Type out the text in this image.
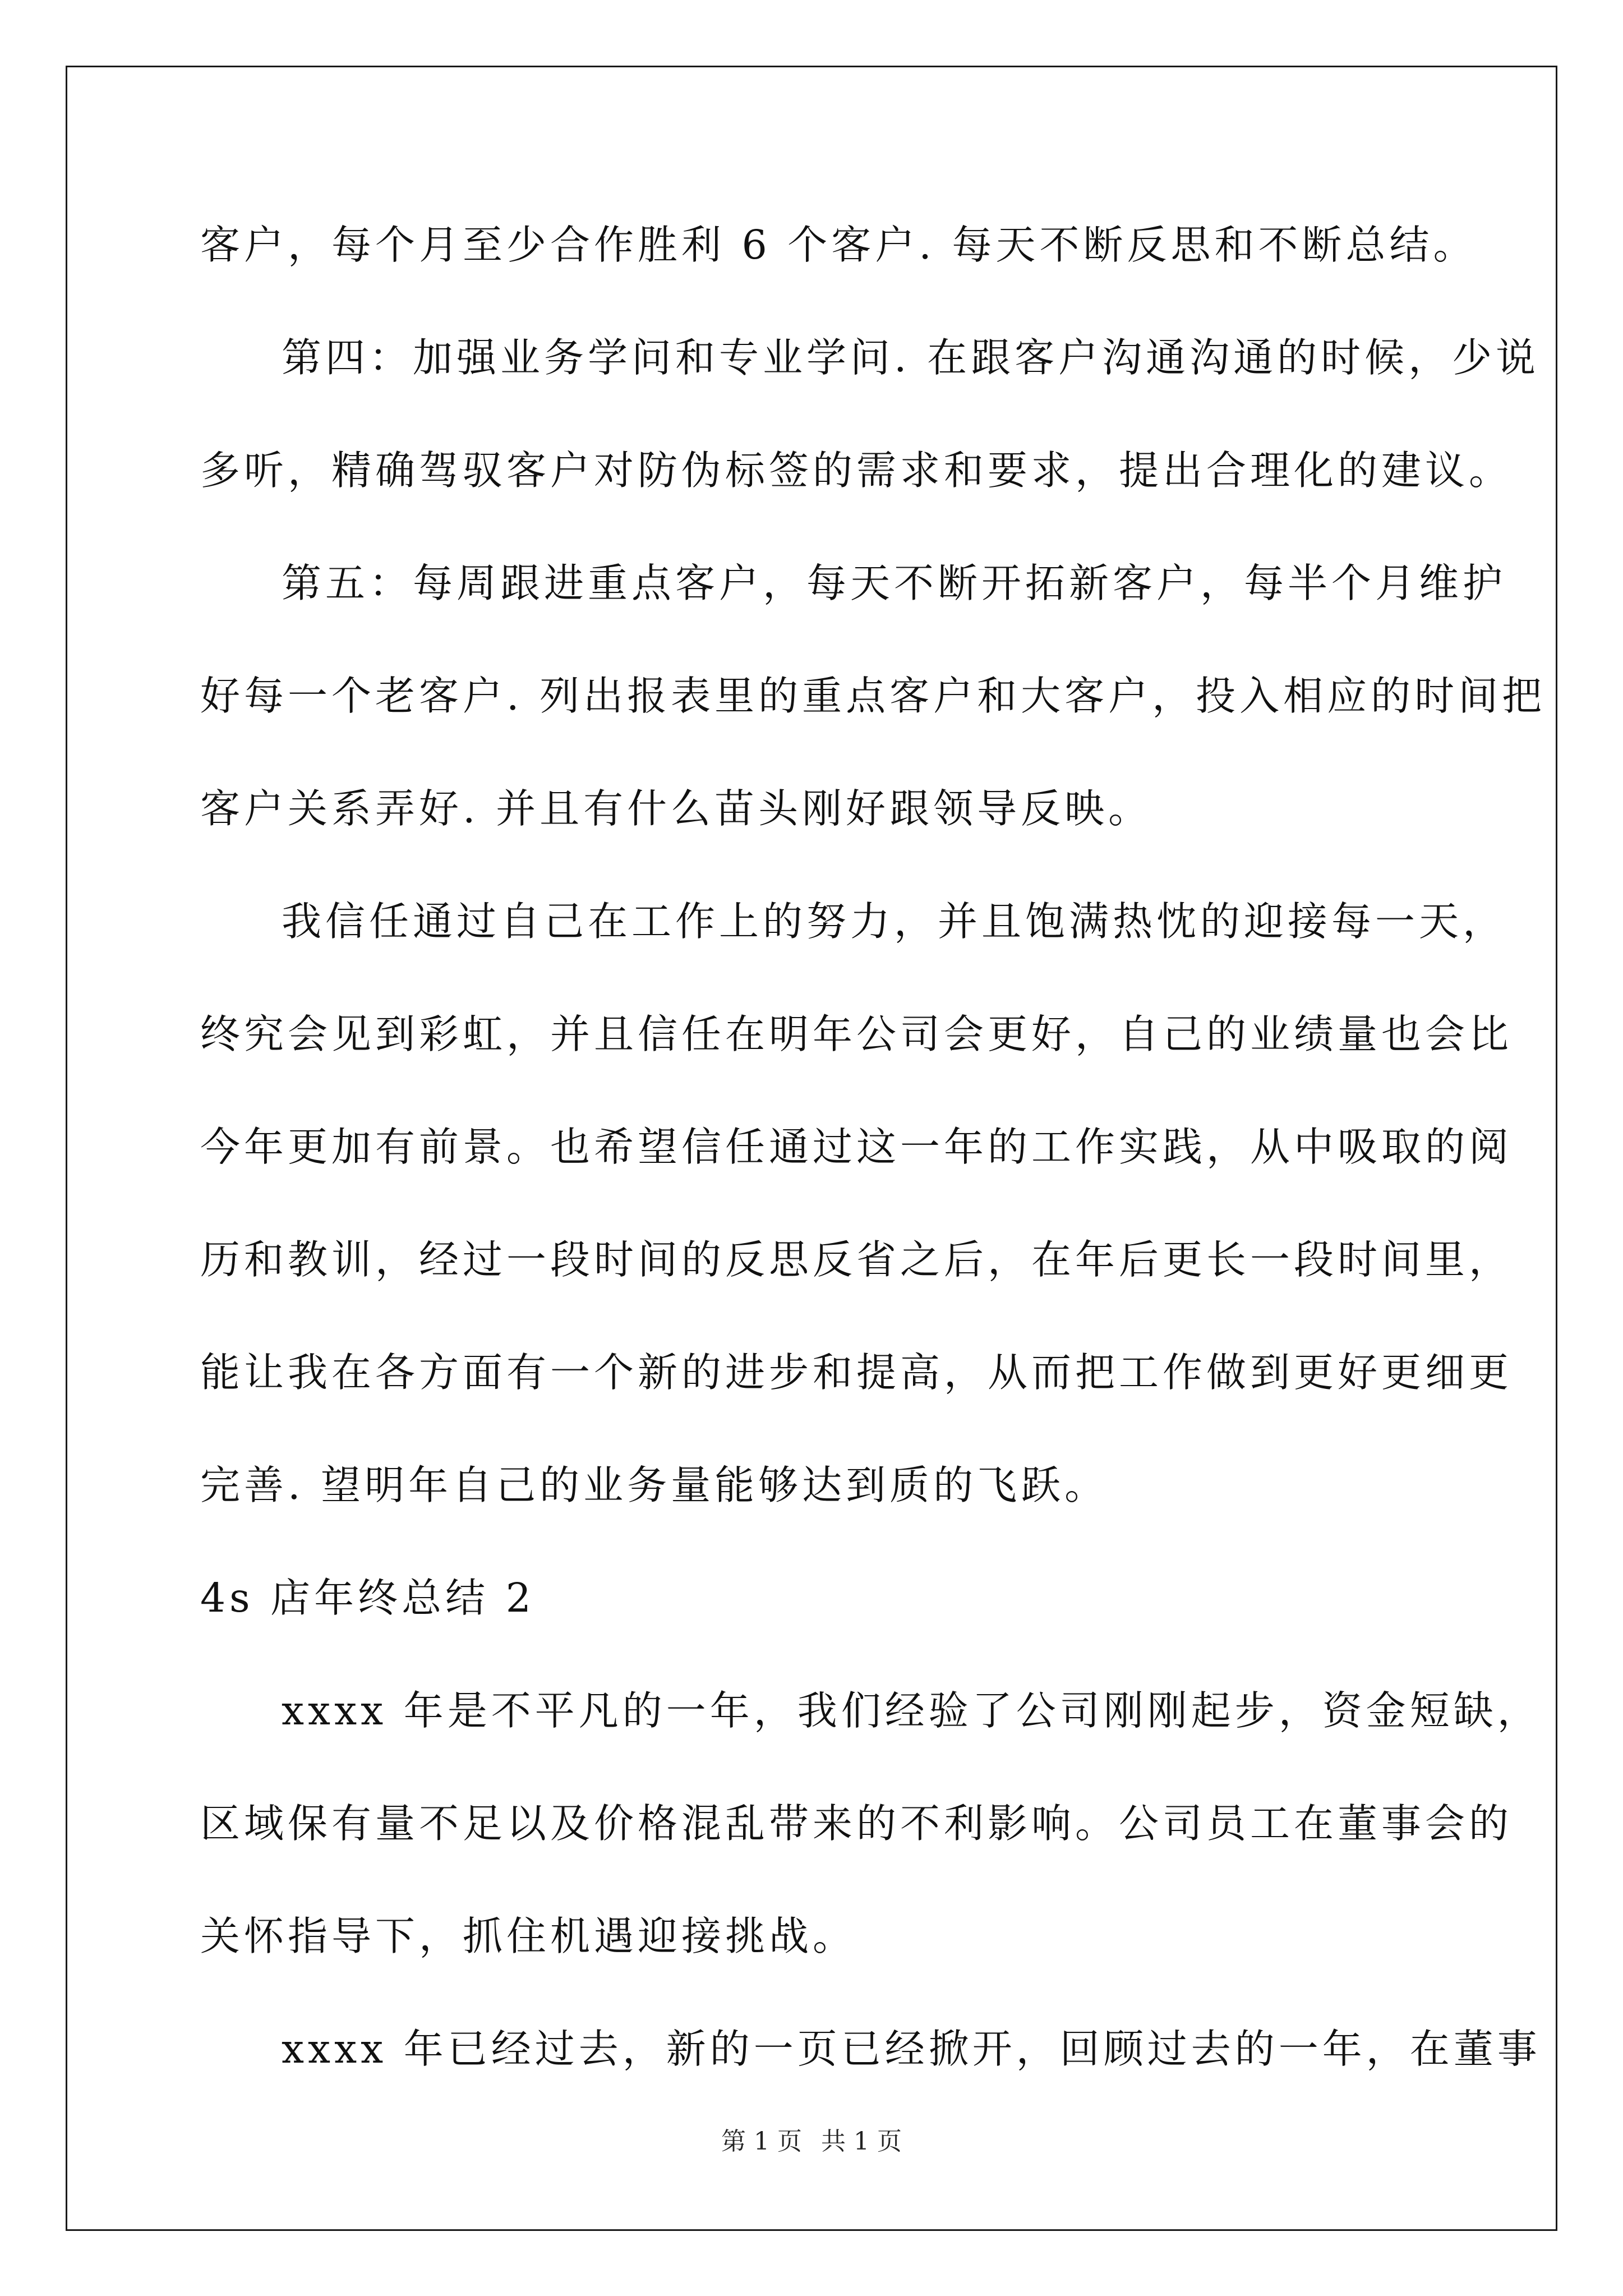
客户，每个月至少合作胜利 6 个客户. 每天不断反思和不断总结。
第四：加强业务学问和专业学问. 在跟客户沟通沟通的时候，少说
多听，精确驾驭客户对防伪标签的需求和要求，提出合理化的建议。
第五：每周跟进重点客户，每天不断开拓新客户，每半个月维护
好每一个老客户. 列出报表里的重点客户和大客户，投入相应的时间把
客户关系弄好. 并且有什么苗头刚好跟领导反映。
我信任通过自己在工作上的努力，并且饱满热忱的迎接每一天，
终究会见到彩虹，并且信任在明年公司会更好，自己的业绩量也会比
今年更加有前景。也希望信任通过这一年的工作实践，从中吸取的阅
历和教训，经过一段时间的反思反省之后，在年后更长一段时间里，
能让我在各方面有一个新的进步和提高，从而把工作做到更好更细更
完善. 望明年自己的业务量能够达到质的飞跃。
4s 店年终总结 2
xxxx 年是不平凡的一年，我们经验了公司刚刚起步，资金短缺，
区域保有量不足以及价格混乱带来的不利影响。公司员工在董事会的
关怀指导下，抓住机遇迎接挑战。
xxxx 年已经过去，新的一页已经掀开，回顾过去的一年，在董事
第 1 页 共 1 页
